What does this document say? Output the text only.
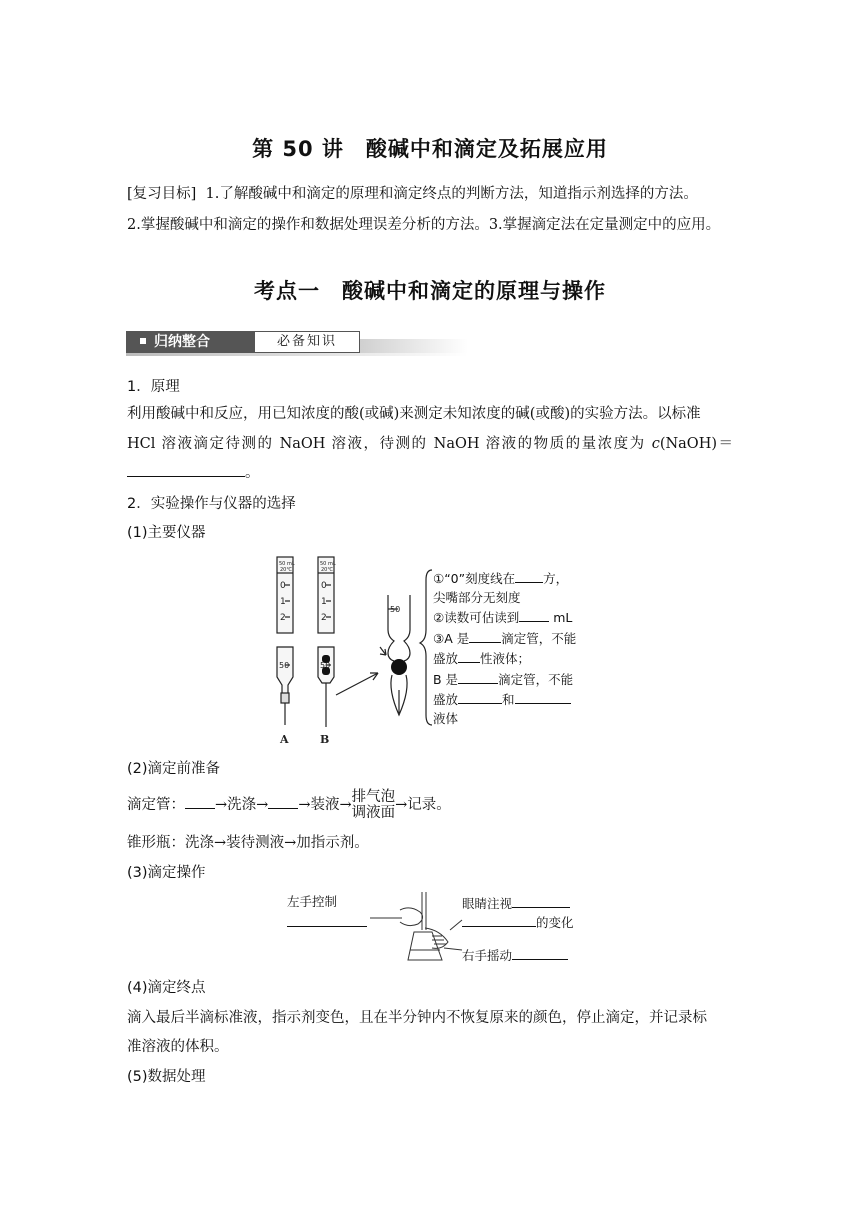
第 50 讲　酸碱中和滴定及拓展应用
[复习目标] 1.了解酸碱中和滴定的原理和滴定终点的判断方法，知道指示剂选择的方法。
2.掌握酸碱中和滴定的操作和数据处理误差分析的方法。3.掌握滴定法在定量测定中的应用。
考点一　酸碱中和滴定的原理与操作
归纳整合	必备知识
1．原理
利用酸碱中和反应，用已知浓度的酸(或碱)来测定未知浓度的碱(或酸)的实验方法。以标准
HCl 溶液滴定待测的 NaOH 溶液，待测的 NaOH 溶液的物质的量浓度为 c(NaOH)＝
。
2．实验操作与仪器的选择
(1)主要仪器
50 mL
20℃
0
1
2
50
50 mL
20℃
0
1
2
50
50
A	B
①“0”刻度线在 方，
尖嘴部分无刻度
②读数可估读到 mL
③A 是	滴定管，不能
盛放 性液体；
B 是	滴定管，不能
盛放	和
液体
(2)滴定前准备
滴定管： →洗涤→ →装液→ 排气泡
调液面 →记录。
锥形瓶：洗涤→装待测液→加指示剂。
(3)滴定操作
左手控制	眼睛注视
的变化
右手摇动
(4)滴定终点
滴入最后半滴标准液，指示剂变色，且在半分钟内不恢复原来的颜色，停止滴定，并记录标
准溶液的体积。
(5)数据处理
